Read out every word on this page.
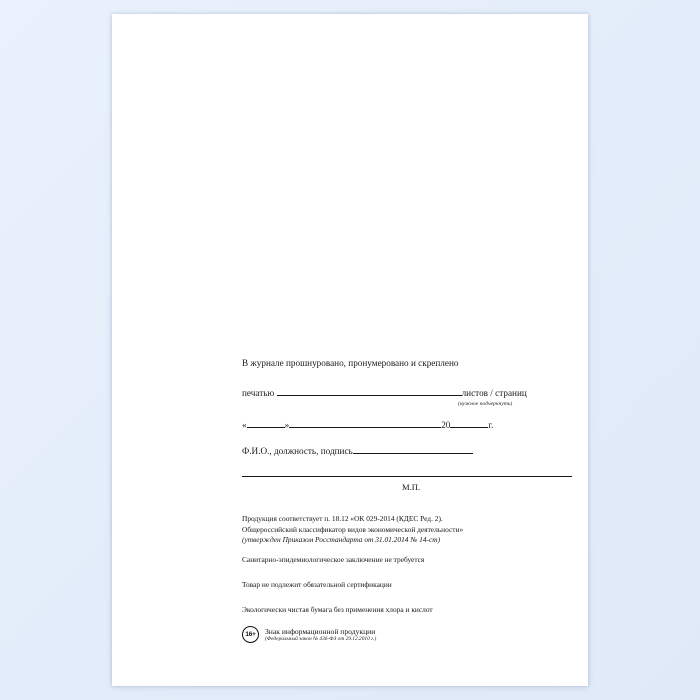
В журнале прошнуровано, пронумеровано и скреплено
печатью	листов / страниц
(нужное подчеркнуть)
«	»	20	г.
Ф.И.О., должность, подпись
М.П.
Продукция соответствует п. 18.12 «ОК 029-2014 (КДЕС Ред. 2).
Общероссийский классификатор видов экономической деятельности»
(утвержден Приказом Росстандарта от 31.01.2014 № 14-ст)
Санитарно-эпидемиологическое заключение не требуется
Товар не подлежит обязательной сертификации
Экологически чистая бумага без применения хлора и кислот
16+	Знак информационной продукции
(Федеральный закон № 436-ФЗ от 29.12.2010 г.)
